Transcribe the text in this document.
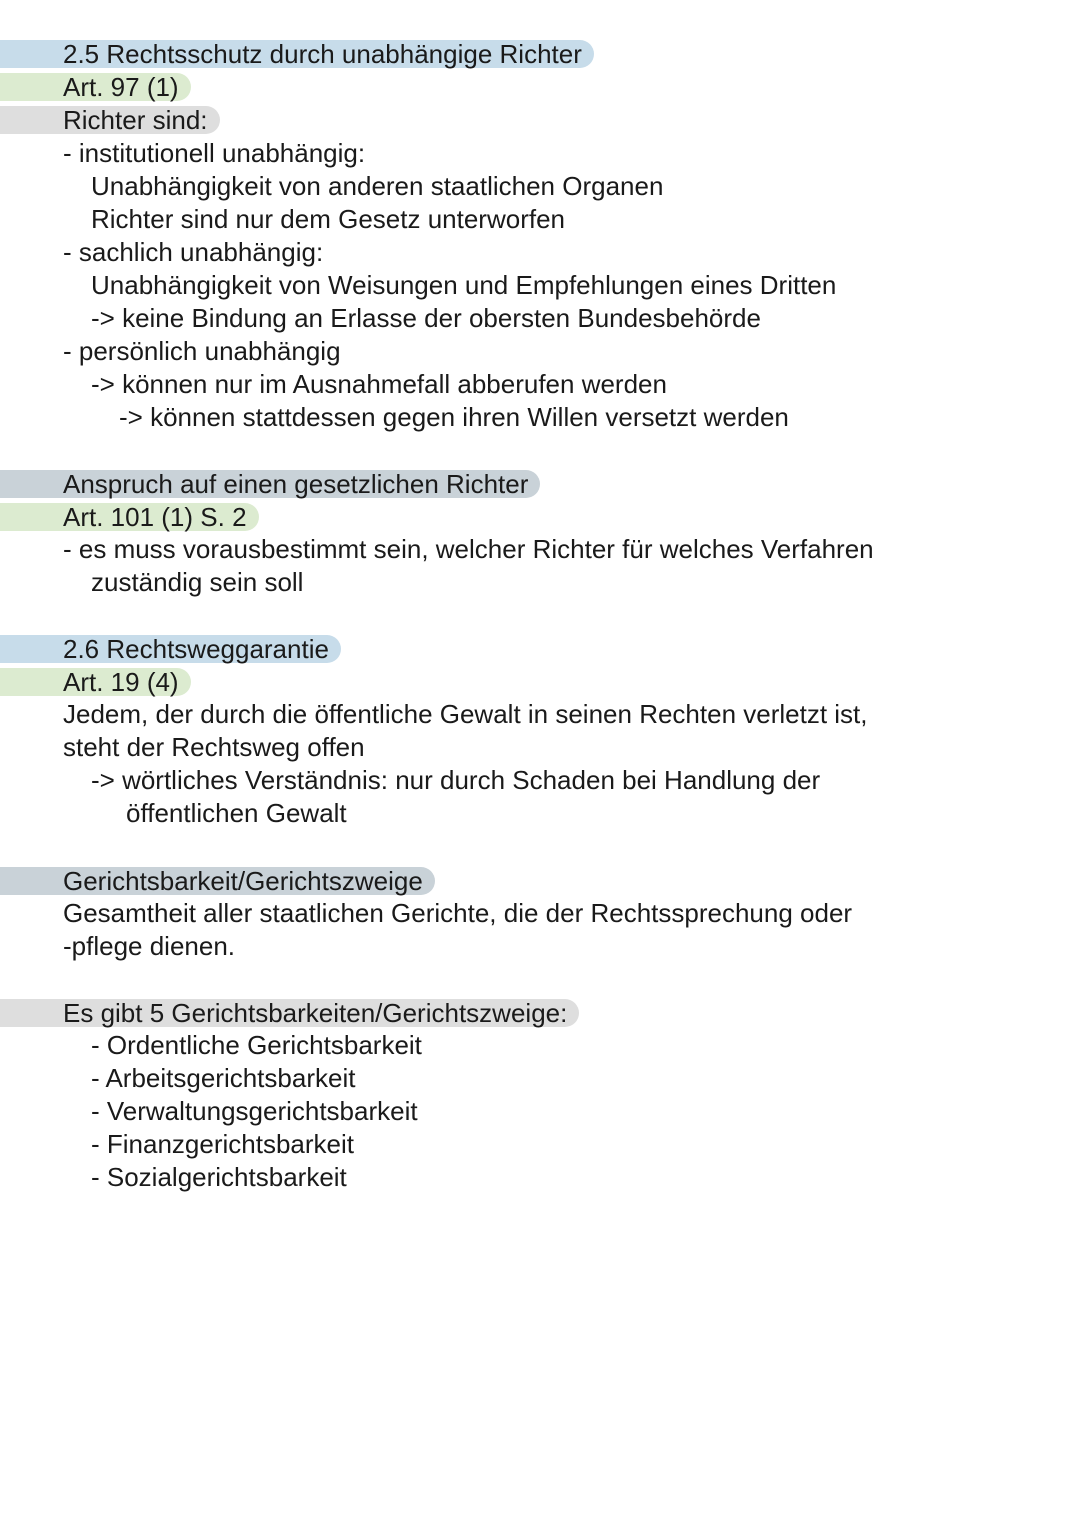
2.5 Rechtsschutz durch unabhängige Richter
Art. 97 (1)
Richter sind:
- institutionell unabhängig:
Unabhängigkeit von anderen staatlichen Organen
Richter sind nur dem Gesetz unterworfen
- sachlich unabhängig:
Unabhängigkeit von Weisungen und Empfehlungen eines Dritten
-> keine Bindung an Erlasse der obersten Bundesbehörde
- persönlich unabhängig
-> können nur im Ausnahmefall abberufen werden
-> können stattdessen gegen ihren Willen versetzt werden
Anspruch auf einen gesetzlichen Richter
Art. 101 (1) S. 2
- es muss vorausbestimmt sein, welcher Richter für welches Verfahren
zuständig sein soll
2.6 Rechtsweggarantie
Art. 19 (4)
Jedem, der durch die öffentliche Gewalt in seinen Rechten verletzt ist,
steht der Rechtsweg offen
-> wörtliches Verständnis: nur durch Schaden bei Handlung der
öffentlichen Gewalt
Gerichtsbarkeit/Gerichtszweige
Gesamtheit aller staatlichen Gerichte, die der Rechtssprechung oder
-pflege dienen.
Es gibt 5 Gerichtsbarkeiten/Gerichtszweige:
- Ordentliche Gerichtsbarkeit
- Arbeitsgerichtsbarkeit
- Verwaltungsgerichtsbarkeit
- Finanzgerichtsbarkeit
- Sozialgerichtsbarkeit
